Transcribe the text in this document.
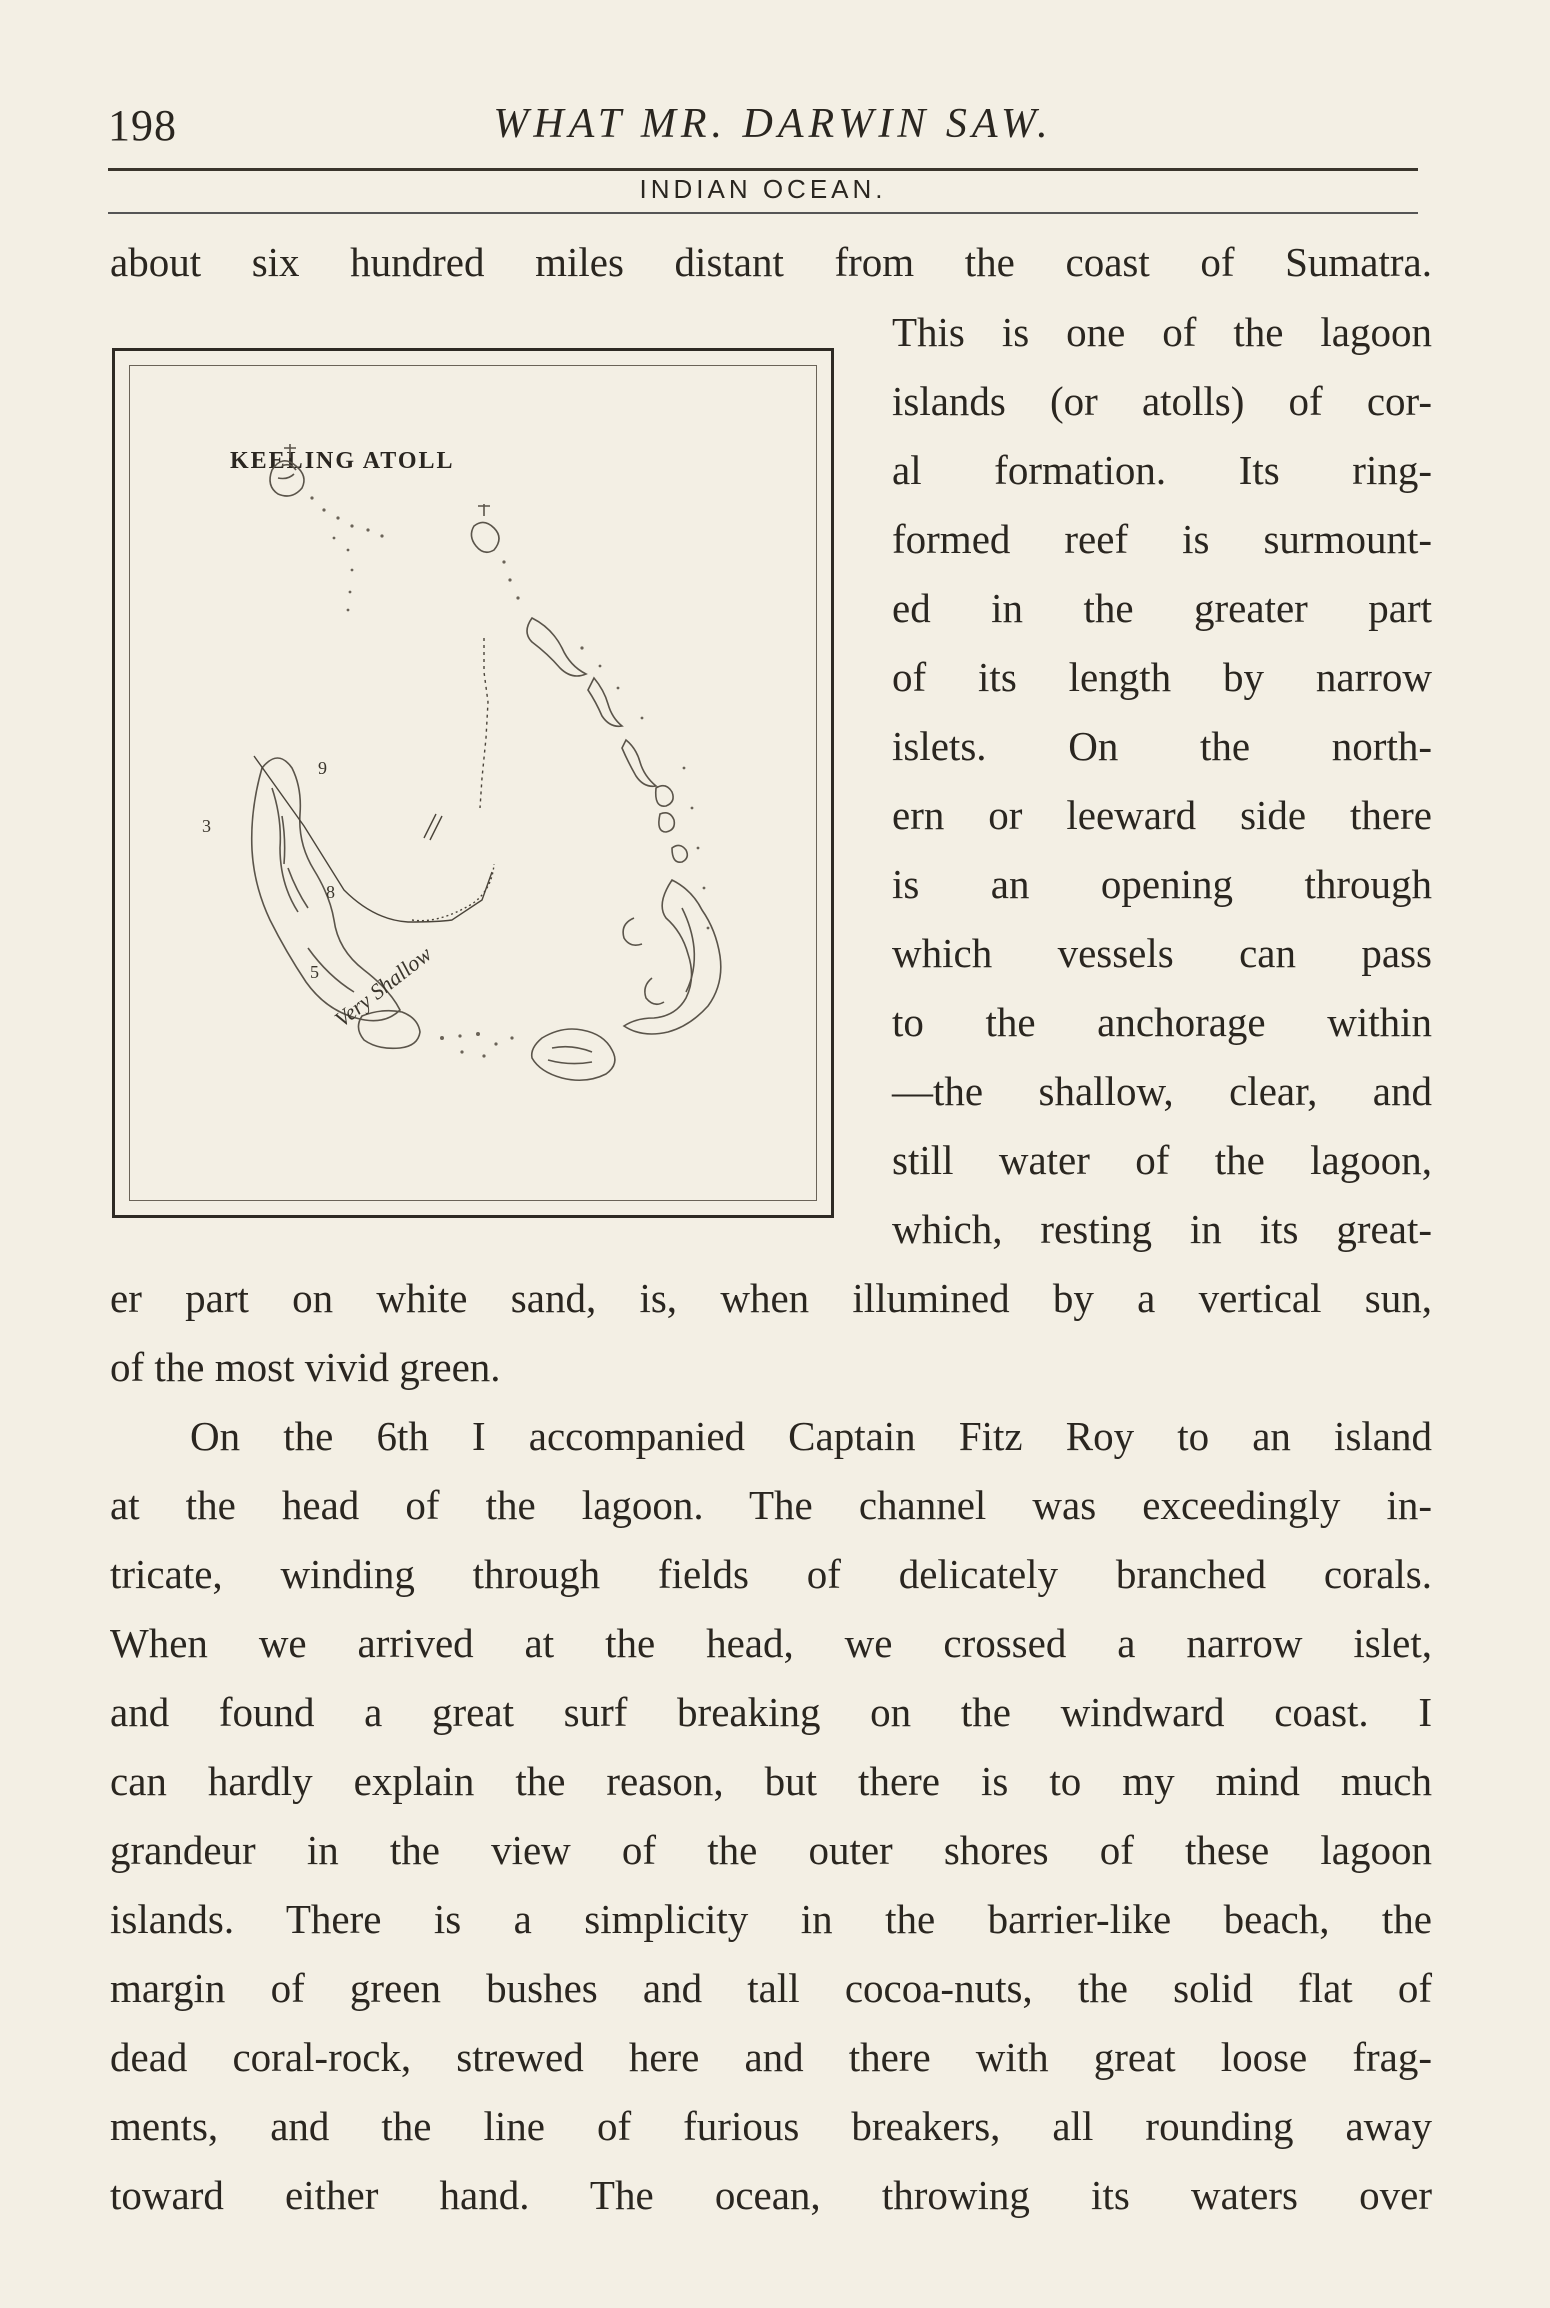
198	WHAT MR. DARWIN SAW.
INDIAN OCEAN.
about six hundred miles distant from the coast of Sumatra.
KEELING ATOLL
9
3
8
5 Very Shallow
This is one of the lagoon
islands (or atolls) of cor-
al formation. Its ring-
formed reef is surmount-
ed in the greater part
of its length by narrow
islets. On the north-
ern or leeward side there
is an opening through
which vessels can pass
to the anchorage within
—the shallow, clear, and
still water of the lagoon,
which, resting in its great-
er part on white sand, is, when illumined by a vertical sun,
of the most vivid green.
On the 6th I accompanied Captain Fitz Roy to an island
at the head of the lagoon. The channel was exceedingly in-
tricate, winding through fields of delicately branched corals.
When we arrived at the head, we crossed a narrow islet,
and found a great surf breaking on the windward coast. I
can hardly explain the reason, but there is to my mind much
grandeur in the view of the outer shores of these lagoon
islands. There is a simplicity in the barrier-like beach, the
margin of green bushes and tall cocoa-nuts, the solid flat of
dead coral-rock, strewed here and there with great loose frag-
ments, and the line of furious breakers, all rounding away
toward either hand. The ocean, throwing its waters over
